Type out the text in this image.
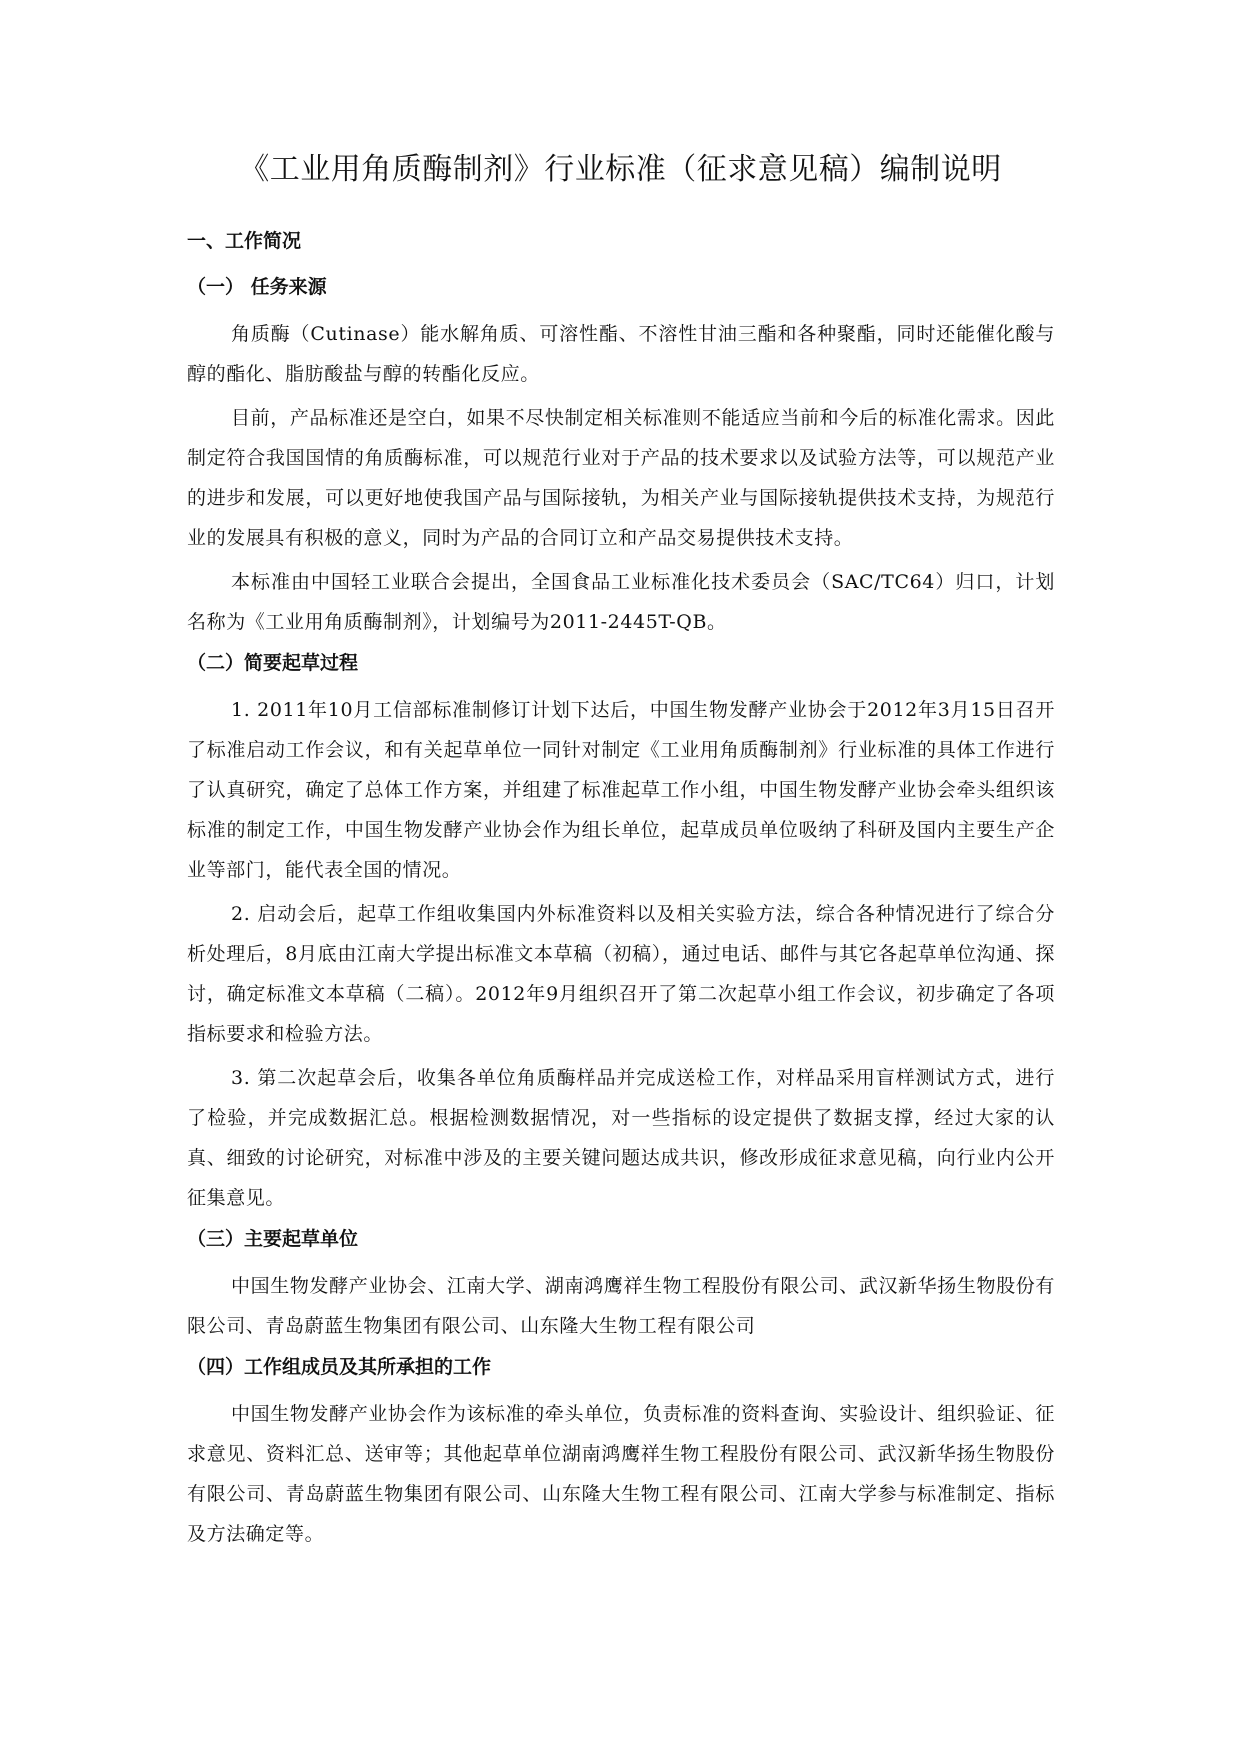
《工业用角质酶制剂》行业标准（征求意见稿）编制说明
一、工作简况
（一） 任务来源

角质酶（Cutinase）能水解角质、可溶性酯、不溶性甘油三酯和各种聚酯，同时还能催化酸与醇的酯化、脂肪酸盐与醇的转酯化反应。

目前，产品标准还是空白，如果不尽快制定相关标准则不能适应当前和今后的标准化需求。因此制定符合我国国情的角质酶标准，可以规范行业对于产品的技术要求以及试验方法等，可以规范产业的进步和发展，可以更好地使我国产品与国际接轨，为相关产业与国际接轨提供技术支持，为规范行业的发展具有积极的意义，同时为产品的合同订立和产品交易提供技术支持。

本标准由中国轻工业联合会提出，全国食品工业标准化技术委员会（SAC/TC64）归口，计划名称为《工业用角质酶制剂》，计划编号为2011-2445T-QB。

（二）简要起草过程

1. 2011年10月工信部标准制修订计划下达后，中国生物发酵产业协会于2012年3月15日召开了标准启动工作会议，和有关起草单位一同针对制定《工业用角质酶制剂》行业标准的具体工作进行了认真研究，确定了总体工作方案，并组建了标准起草工作小组，中国生物发酵产业协会牵头组织该标准的制定工作，中国生物发酵产业协会作为组长单位，起草成员单位吸纳了科研及国内主要生产企业等部门，能代表全国的情况。

2. 启动会后，起草工作组收集国内外标准资料以及相关实验方法，综合各种情况进行了综合分析处理后，8月底由江南大学提出标准文本草稿（初稿），通过电话、邮件与其它各起草单位沟通、探讨，确定标准文本草稿（二稿）。2012年9月组织召开了第二次起草小组工作会议，初步确定了各项指标要求和检验方法。

3. 第二次起草会后，收集各单位角质酶样品并完成送检工作，对样品采用盲样测试方式，进行了检验，并完成数据汇总。根据检测数据情况，对一些指标的设定提供了数据支撑，经过大家的认真、细致的讨论研究，对标准中涉及的主要关键问题达成共识，修改形成征求意见稿，向行业内公开征集意见。

（三）主要起草单位

中国生物发酵产业协会、江南大学、湖南鸿鹰祥生物工程股份有限公司、武汉新华扬生物股份有限公司、青岛蔚蓝生物集团有限公司、山东隆大生物工程有限公司

（四）工作组成员及其所承担的工作

中国生物发酵产业协会作为该标准的牵头单位，负责标准的资料查询、实验设计、组织验证、征求意见、资料汇总、送审等；其他起草单位湖南鸿鹰祥生物工程股份有限公司、武汉新华扬生物股份有限公司、青岛蔚蓝生物集团有限公司、山东隆大生物工程有限公司、江南大学参与标准制定、指标及方法确定等。
